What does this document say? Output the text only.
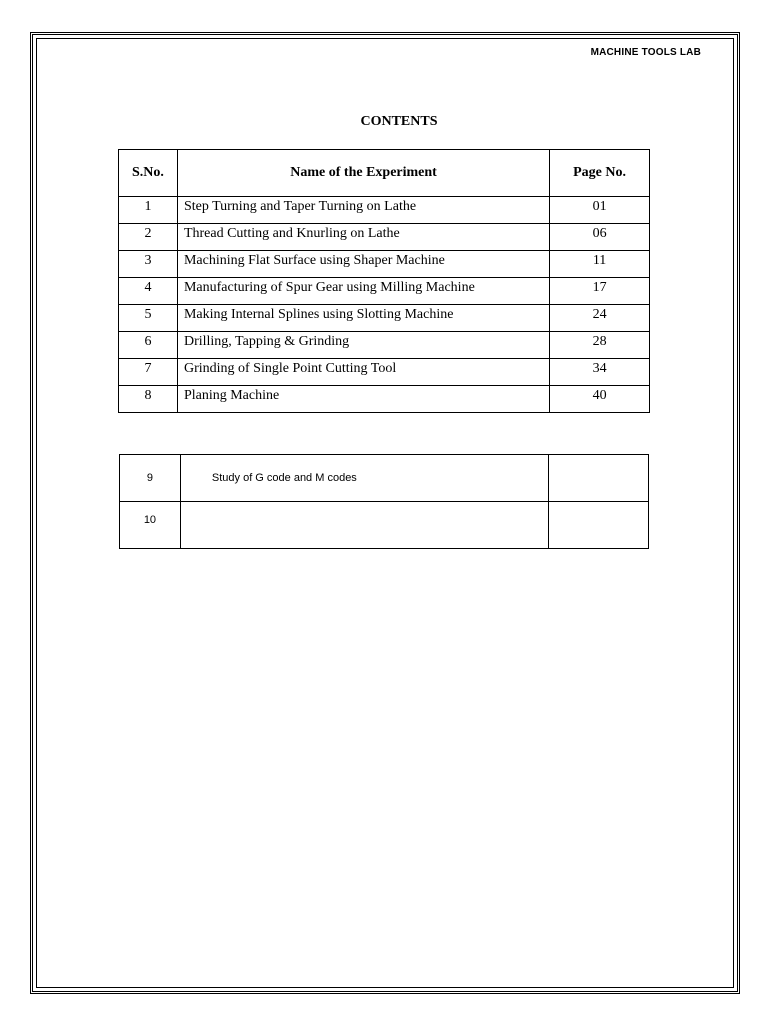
MACHINE TOOLS LAB
CONTENTS
S.No.	Name of the Experiment	Page No.
1	Step Turning and Taper Turning on Lathe	01
2	Thread Cutting and Knurling on Lathe	06
3	Machining Flat Surface using Shaper Machine	11
4	Manufacturing of Spur Gear using Milling Machine	17
5	Making Internal Splines using Slotting Machine	24
6	Drilling, Tapping & Grinding	28
7	Grinding of Single Point Cutting Tool	34
8	Planing Machine	40
9	Study of G code and M codes	
10		
